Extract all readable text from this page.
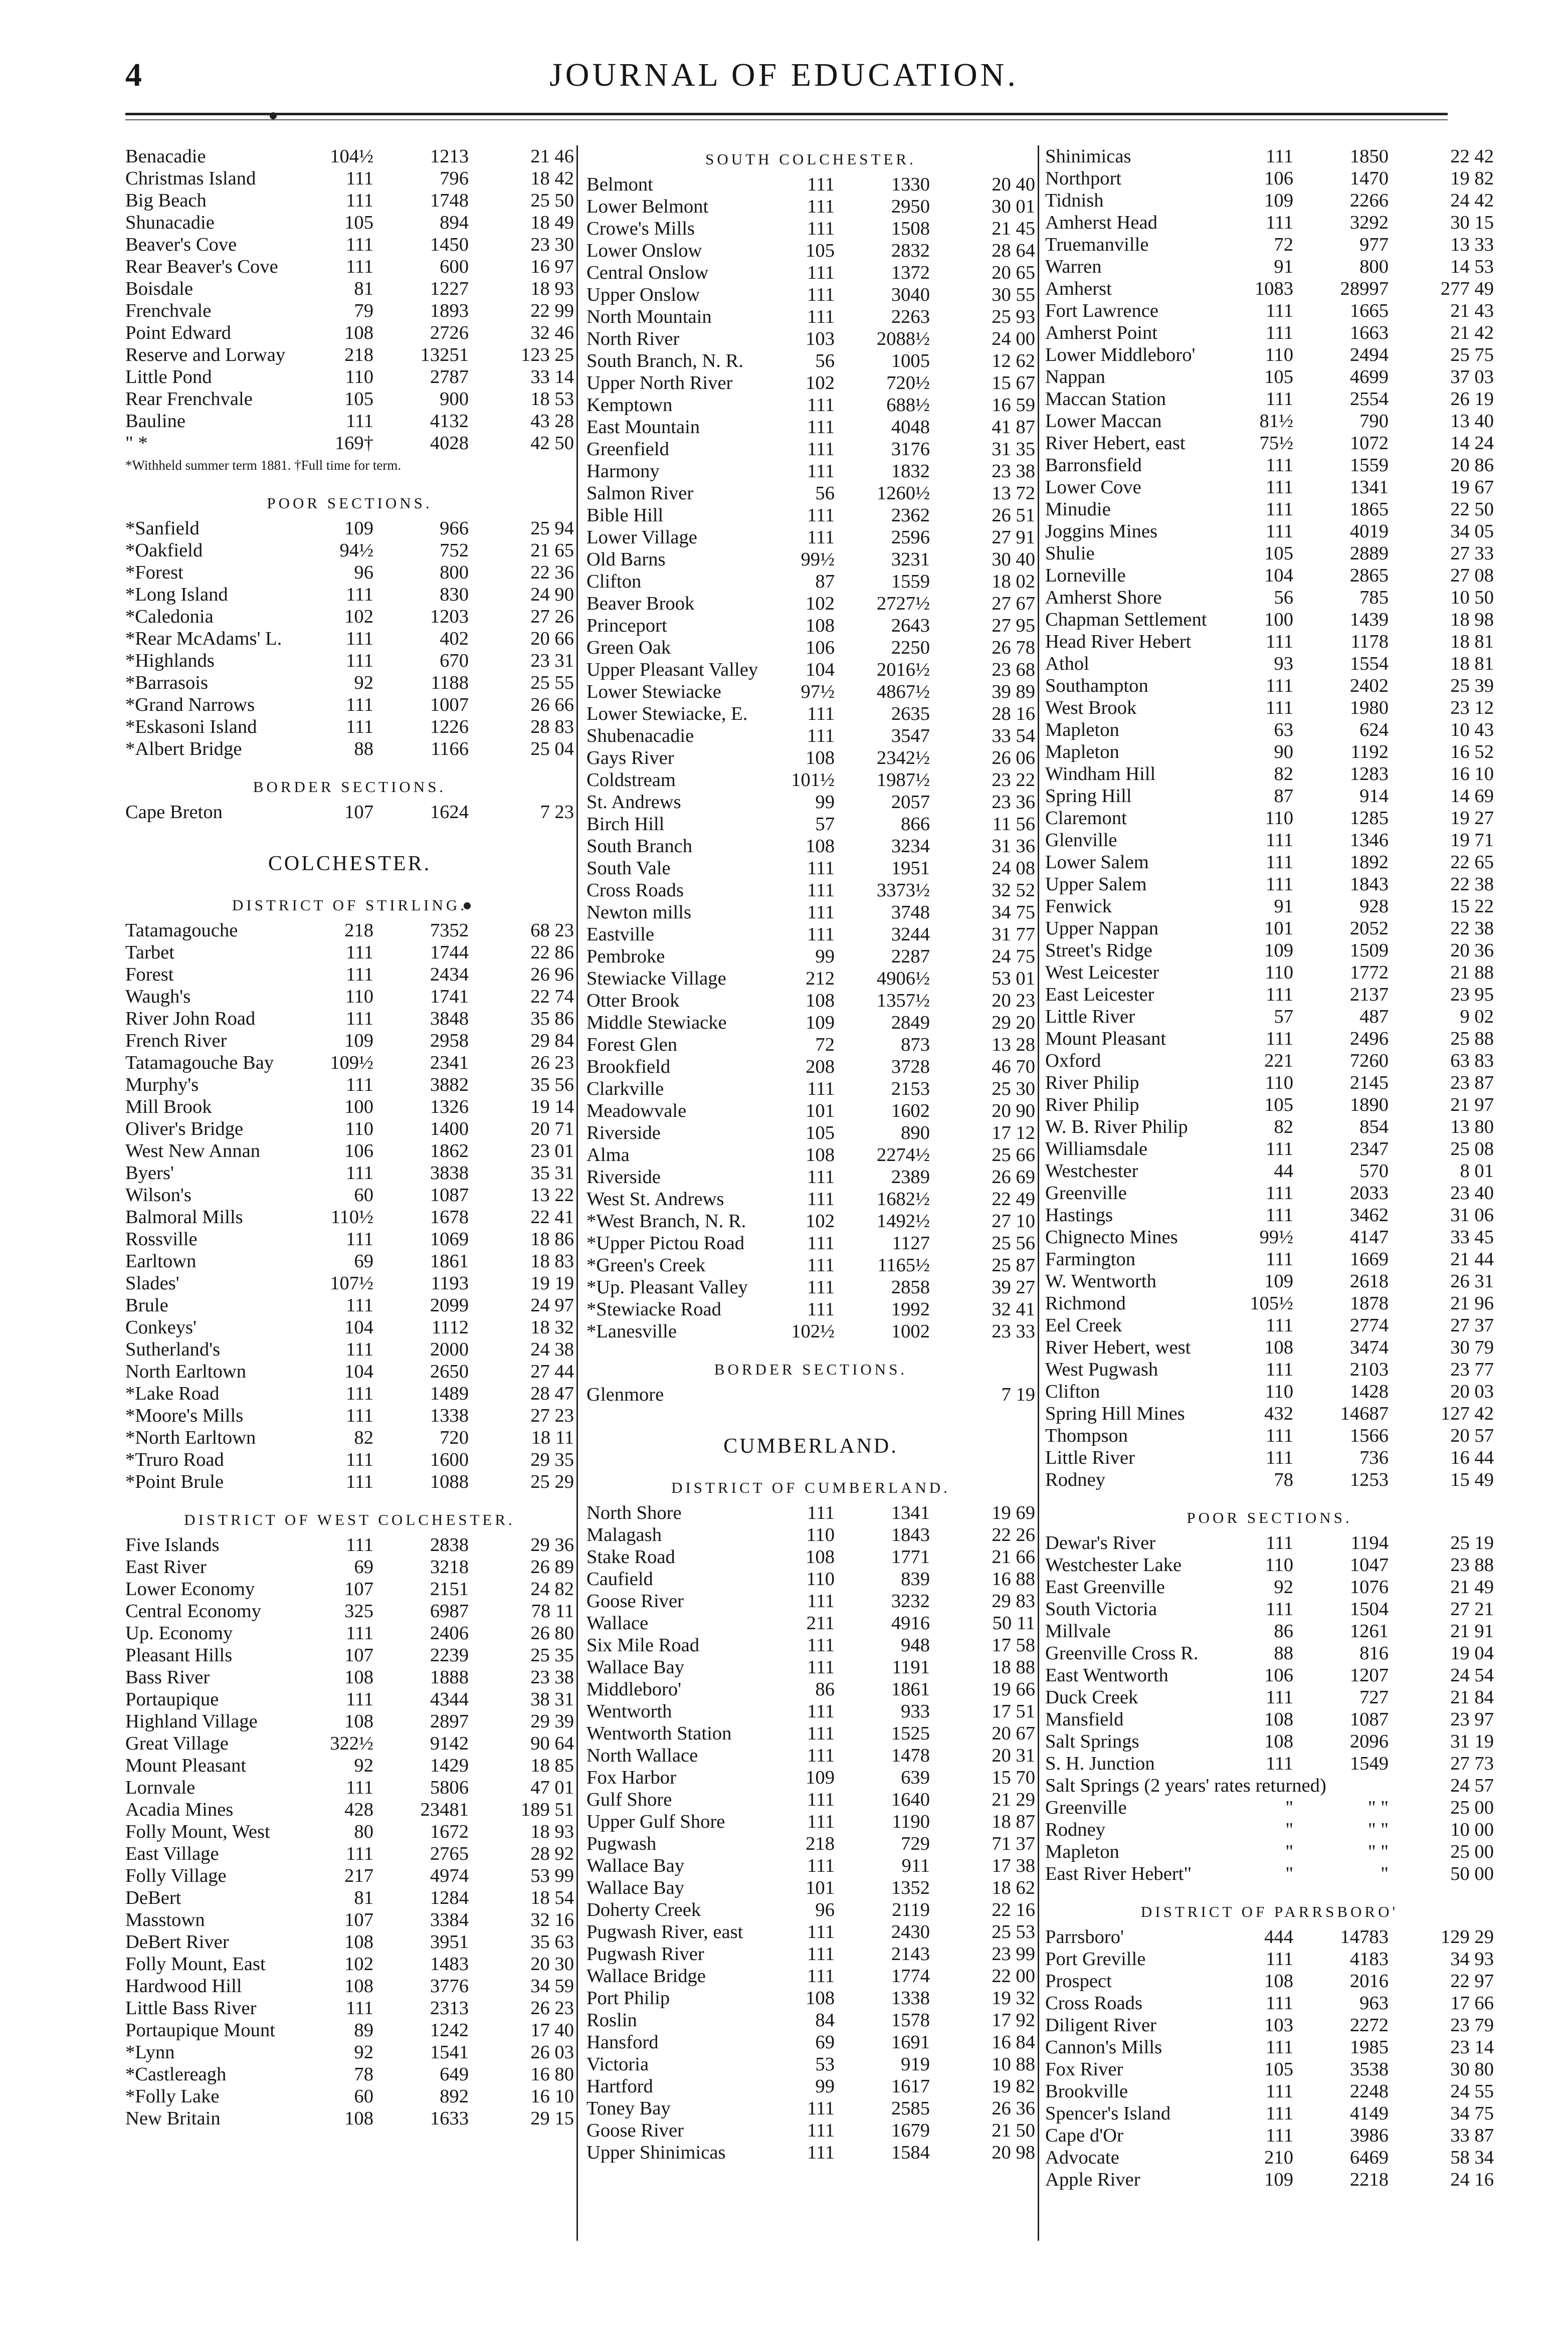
4	JOURNAL OF EDUCATION.
Benacadie	104½	1213	21 46
Christmas Island	111	796	18 42
Big Beach	111	1748	25 50
Shunacadie	105	894	18 49
Beaver's Cove	111	1450	23 30
Rear Beaver's Cove	111	600	16 97
Boisdale	81	1227	18 93
Frenchvale	79	1893	22 99
Point Edward	108	2726	32 46
Reserve and Lorway	218	13251	123 25
Little Pond	110	2787	33 14
Rear Frenchvale	105	900	18 53
Bauline	111	4132	43 28
" *	169†	4028	42 50
*Withheld summer term 1881. †Full time for term.
POOR SECTIONS.
*Sanfield	109	966	25 94
*Oakfield	94½	752	21 65
*Forest	96	800	22 36
*Long Island	111	830	24 90
*Caledonia	102	1203	27 26
*Rear McAdams' L.	111	402	20 66
*Highlands	111	670	23 31
*Barrasois	92	1188	25 55
*Grand Narrows	111	1007	26 66
*Eskasoni Island	111	1226	28 83
*Albert Bridge	88	1166	25 04
BORDER SECTIONS.
Cape Breton	107	1624	7 23
COLCHESTER.
DISTRICT OF STIRLING.
Tatamagouche	218	7352	68 23
Tarbet	111	1744	22 86
Forest	111	2434	26 96
Waugh's	110	1741	22 74
River John Road	111	3848	35 86
French River	109	2958	29 84
Tatamagouche Bay	109½	2341	26 23
Murphy's	111	3882	35 56
Mill Brook	100	1326	19 14
Oliver's Bridge	110	1400	20 71
West New Annan	106	1862	23 01
Byers'	111	3838	35 31
Wilson's	60	1087	13 22
Balmoral Mills	110½	1678	22 41
Rossville	111	1069	18 86
Earltown	69	1861	18 83
Slades'	107½	1193	19 19
Brule	111	2099	24 97
Conkeys'	104	1112	18 32
Sutherland's	111	2000	24 38
North Earltown	104	2650	27 44
*Lake Road	111	1489	28 47
*Moore's Mills	111	1338	27 23
*North Earltown	82	720	18 11
*Truro Road	111	1600	29 35
*Point Brule	111	1088	25 29
DISTRICT OF WEST COLCHESTER.
Five Islands	111	2838	29 36
East River	69	3218	26 89
Lower Economy	107	2151	24 82
Central Economy	325	6987	78 11
Up. Economy	111	2406	26 80
Pleasant Hills	107	2239	25 35
Bass River	108	1888	23 38
Portaupique	111	4344	38 31
Highland Village	108	2897	29 39
Great Village	322½	9142	90 64
Mount Pleasant	92	1429	18 85
Lornvale	111	5806	47 01
Acadia Mines	428	23481	189 51
Folly Mount, West	80	1672	18 93
East Village	111	2765	28 92
Folly Village	217	4974	53 99
DeBert	81	1284	18 54
Masstown	107	3384	32 16
DeBert River	108	3951	35 63
Folly Mount, East	102	1483	20 30
Hardwood Hill	108	3776	34 59
Little Bass River	111	2313	26 23
Portaupique Mount	89	1242	17 40
*Lynn	92	1541	26 03
*Castlereagh	78	649	16 80
*Folly Lake	60	892	16 10
New Britain	108	1633	29 15
SOUTH COLCHESTER.
Belmont	111	1330	20 40
Lower Belmont	111	2950	30 01
Crowe's Mills	111	1508	21 45
Lower Onslow	105	2832	28 64
Central Onslow	111	1372	20 65
Upper Onslow	111	3040	30 55
North Mountain	111	2263	25 93
North River	103	2088½	24 00
South Branch, N. R.	56	1005	12 62
Upper North River	102	720½	15 67
Kemptown	111	688½	16 59
East Mountain	111	4048	41 87
Greenfield	111	3176	31 35
Harmony	111	1832	23 38
Salmon River	56	1260½	13 72
Bible Hill	111	2362	26 51
Lower Village	111	2596	27 91
Old Barns	99½	3231	30 40
Clifton	87	1559	18 02
Beaver Brook	102	2727½	27 67
Princeport	108	2643	27 95
Green Oak	106	2250	26 78
Upper Pleasant Valley	104	2016½	23 68
Lower Stewiacke	97½	4867½	39 89
Lower Stewiacke, E.	111	2635	28 16
Shubenacadie	111	3547	33 54
Gays River	108	2342½	26 06
Coldstream	101½	1987½	23 22
St. Andrews	99	2057	23 36
Birch Hill	57	866	11 56
South Branch	108	3234	31 36
South Vale	111	1951	24 08
Cross Roads	111	3373½	32 52
Newton mills	111	3748	34 75
Eastville	111	3244	31 77
Pembroke	99	2287	24 75
Stewiacke Village	212	4906½	53 01
Otter Brook	108	1357½	20 23
Middle Stewiacke	109	2849	29 20
Forest Glen	72	873	13 28
Brookfield	208	3728	46 70
Clarkville	111	2153	25 30
Meadowvale	101	1602	20 90
Riverside	105	890	17 12
Alma	108	2274½	25 66
Riverside	111	2389	26 69
West St. Andrews	111	1682½	22 49
*West Branch, N. R.	102	1492½	27 10
*Upper Pictou Road	111	1127	25 56
*Green's Creek	111	1165½	25 87
*Up. Pleasant Valley	111	2858	39 27
*Stewiacke Road	111	1992	32 41
*Lanesville	102½	1002	23 33
BORDER SECTIONS.
Glenmore	7 19
CUMBERLAND.
DISTRICT OF CUMBERLAND.
North Shore	111	1341	19 69
Malagash	110	1843	22 26
Stake Road	108	1771	21 66
Caufield	110	839	16 88
Goose River	111	3232	29 83
Wallace	211	4916	50 11
Six Mile Road	111	948	17 58
Wallace Bay	111	1191	18 88
Middleboro'	86	1861	19 66
Wentworth	111	933	17 51
Wentworth Station	111	1525	20 67
North Wallace	111	1478	20 31
Fox Harbor	109	639	15 70
Gulf Shore	111	1640	21 29
Upper Gulf Shore	111	1190	18 87
Pugwash	218	729	71 37
Wallace Bay	111	911	17 38
Wallace Bay	101	1352	18 62
Doherty Creek	96	2119	22 16
Pugwash River, east	111	2430	25 53
Pugwash River	111	2143	23 99
Wallace Bridge	111	1774	22 00
Port Philip	108	1338	19 32
Roslin	84	1578	17 92
Hansford	69	1691	16 84
Victoria	53	919	10 88
Hartford	99	1617	19 82
Toney Bay	111	2585	26 36
Goose River	111	1679	21 50
Upper Shinimicas	111	1584	20 98
Shinimicas	111	1850	22 42
Northport	106	1470	19 82
Tidnish	109	2266	24 42
Amherst Head	111	3292	30 15
Truemanville	72	977	13 33
Warren	91	800	14 53
Amherst	1083	28997	277 49
Fort Lawrence	111	1665	21 43
Amherst Point	111	1663	21 42
Lower Middleboro'	110	2494	25 75
Nappan	105	4699	37 03
Maccan Station	111	2554	26 19
Lower Maccan	81½	790	13 40
River Hebert, east	75½	1072	14 24
Barronsfield	111	1559	20 86
Lower Cove	111	1341	19 67
Minudie	111	1865	22 50
Joggins Mines	111	4019	34 05
Shulie	105	2889	27 33
Lorneville	104	2865	27 08
Amherst Shore	56	785	10 50
Chapman Settlement	100	1439	18 98
Head River Hebert	111	1178	18 81
Athol	93	1554	18 81
Southampton	111	2402	25 39
West Brook	111	1980	23 12
Mapleton	63	624	10 43
Mapleton	90	1192	16 52
Windham Hill	82	1283	16 10
Spring Hill	87	914	14 69
Claremont	110	1285	19 27
Glenville	111	1346	19 71
Lower Salem	111	1892	22 65
Upper Salem	111	1843	22 38
Fenwick	91	928	15 22
Upper Nappan	101	2052	22 38
Street's Ridge	109	1509	20 36
West Leicester	110	1772	21 88
East Leicester	111	2137	23 95
Little River	57	487	9 02
Mount Pleasant	111	2496	25 88
Oxford	221	7260	63 83
River Philip	110	2145	23 87
River Philip	105	1890	21 97
W. B. River Philip	82	854	13 80
Williamsdale	111	2347	25 08
Westchester	44	570	8 01
Greenville	111	2033	23 40
Hastings	111	3462	31 06
Chignecto Mines	99½	4147	33 45
Farmington	111	1669	21 44
W. Wentworth	109	2618	26 31
Richmond	105½	1878	21 96
Eel Creek	111	2774	27 37
River Hebert, west	108	3474	30 79
West Pugwash	111	2103	23 77
Clifton	110	1428	20 03
Spring Hill Mines	432	14687	127 42
Thompson	111	1566	20 57
Little River	111	736	16 44
Rodney	78	1253	15 49
POOR SECTIONS.
Dewar's River	111	1194	25 19
Westchester Lake	110	1047	23 88
East Greenville	92	1076	21 49
South Victoria	111	1504	27 21
Millvale	86	1261	21 91
Greenville Cross R.	88	816	19 04
East Wentworth	106	1207	24 54
Duck Creek	111	727	21 84
Mansfield	108	1087	23 97
Salt Springs	108	2096	31 19
S. H. Junction	111	1549	27 73
Salt Springs (2 years' rates returned)	24 57
Greenville	"	" "	25 00
Rodney	"	" "	10 00
Mapleton	"	" "	25 00
East River Hebert"	"	"	50 00
DISTRICT OF PARRSBORO'
Parrsboro'	444	14783	129 29
Port Greville	111	4183	34 93
Prospect	108	2016	22 97
Cross Roads	111	963	17 66
Diligent River	103	2272	23 79
Cannon's Mills	111	1985	23 14
Fox River	105	3538	30 80
Brookville	111	2248	24 55
Spencer's Island	111	4149	34 75
Cape d'Or	111	3986	33 87
Advocate	210	6469	58 34
Apple River	109	2218	24 16
